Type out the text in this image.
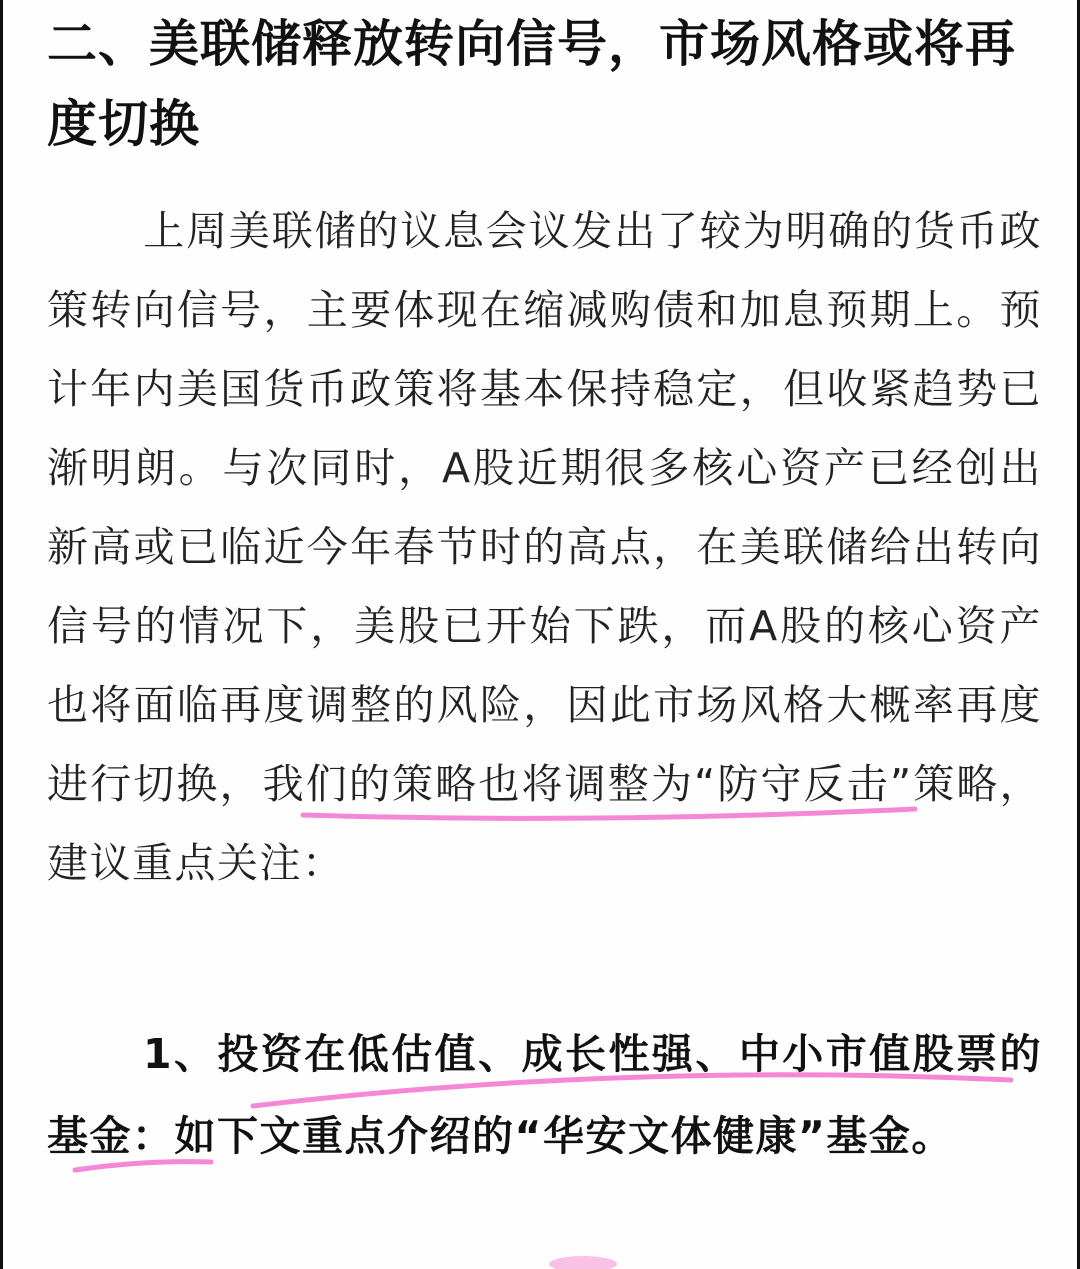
二、美联储释放转向信号，市场风格或将再度切换

上周美联储的议息会议发出了较为明确的货币政策转向信号，主要体现在缩减购债和加息预期上。预计年内美国货币政策将基本保持稳定，但收紧趋势已渐明朗。与次同时，A股近期很多核心资产已经创出新高或已临近今年春节时的高点，在美联储给出转向信号的情况下，美股已开始下跌，而A股的核心资产也将面临再度调整的风险，因此市场风格大概率再度进行切换，我们的策略也将调整为“防守反击”策略，建议重点关注：

1、投资在低估值、成长性强、中小市值股票的基金：如下文重点介绍的“华安文体健康”基金。
